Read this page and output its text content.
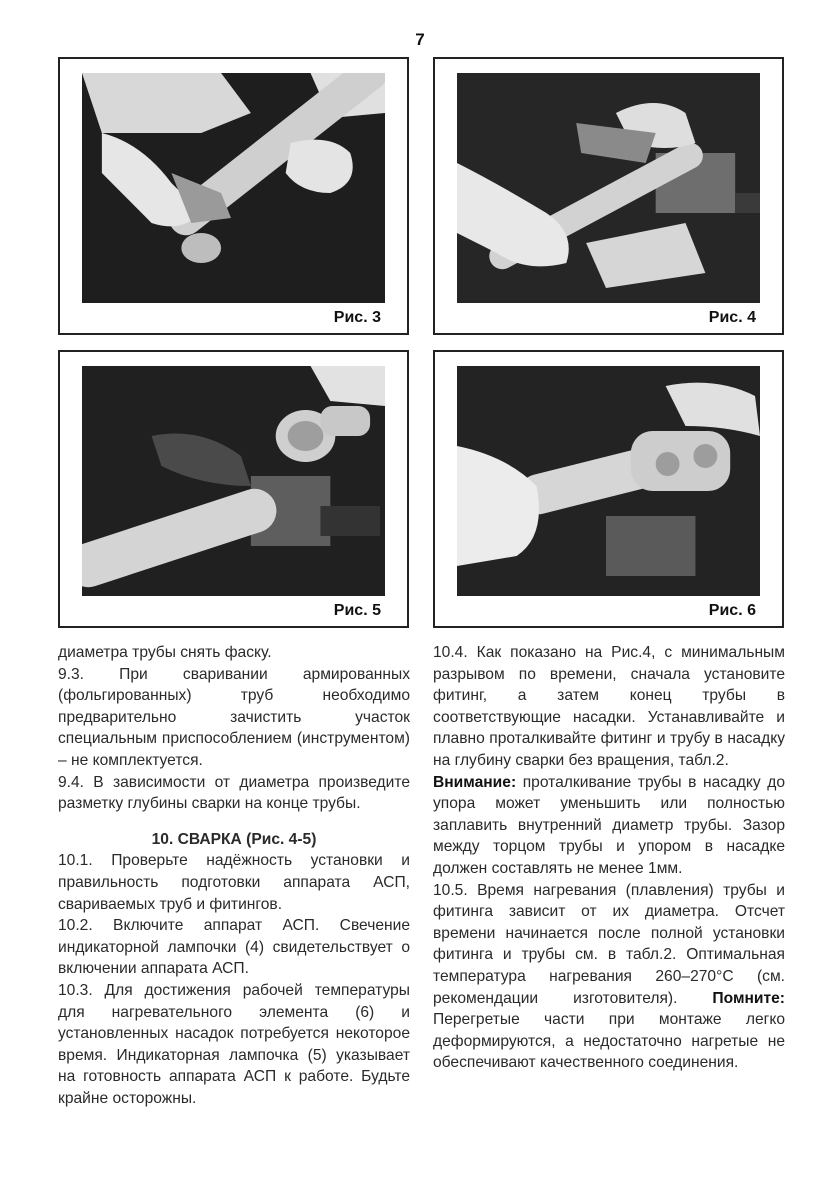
7
Рис. 3	Рис. 4
Рис. 5	Рис. 6

диаметра трубы снять фаску.

9.3. При сваривании армированных (фольгированных) труб необходимо предварительно зачистить участок специальным приспособлением (инструментом) – не комплектуется.

9.4. В зависимости от диаметра произведите разметку глубины сварки на конце трубы.

10. СВАРКА (Рис. 4-5)

10.1. Проверьте надёжность установки и правильность подготовки аппарата АСП, свариваемых труб и фитингов.

10.2. Включите аппарат АСП. Свечение индикаторной лампочки (4) свидетельствует о включении аппарата АСП.

10.3. Для достижения рабочей температуры для нагревательного элемента (6) и установленных насадок потребуется некоторое время. Индикаторная лампочка (5) указывает на готовность аппарата АСП к работе. Будьте крайне осторожны.

10.4. Как показано на Рис.4, с минимальным разрывом по времени, сначала установите фитинг, а затем конец трубы в соответствующие насадки. Устанавливайте и плавно проталкивайте фитинг и трубу в насадку на глубину сварки без вращения, табл.2.

Внимание: проталкивание трубы в насадку до упора может уменьшить или полностью заплавить внутренний диаметр трубы. Зазор между торцом трубы и упором в насадке должен составлять не менее 1мм.

10.5. Время нагревания (плавления) трубы и фитинга зависит от их диаметра. Отсчет времени начинается после полной установки фитинга и трубы см. в табл.2. Оптимальная температура нагревания 260–270°С (см. рекомендации изготовителя). Помните: Перегретые части при монтаже легко деформируются, а недостаточно нагретые не обеспечивают качественного соединения.
